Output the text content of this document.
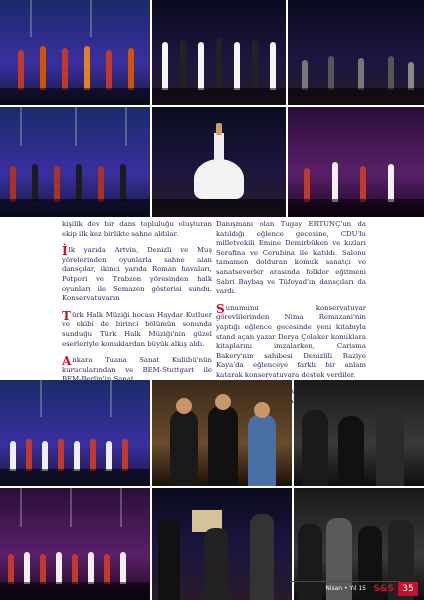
kişilik dev bir dans topluluğu oluşturan ekip ilk kez birlikte sahne aldılar.

İlk yarıda Artvin, Denizli ve Muş yörelerinden oyunlarla sahne alan dansçılar, ikinci yarıda Roman havaları, Potpori ve Trabzon yöresinden halk oyunları ile Semazen gösterisi sundu. Konservatuvarın

Türk Halk Müziği hocası Haydar Kutluer ve ekibi de birinci bölümün sonunda sunduğu Türk Halk Müziği'nin güzel eserleriyle konuklardan büyük alkış aldı.

Ankara Tuana Sanat Kulübü'nün kurucularından ve BEM-Stuttgart ile

Danışmanı olan Tugay ERTUNÇ'un da katıldığı eğlence gecesine, CDU'lu milletvekili Emine Demirbüken ve kızları Serafina ve Cerubina ile katıldı. Salonu tamamen dolduran komuk sanatçı ve sanatseverler arasında folklor eğitmeni Sabri Baybaş ve Tüfoyad'ın dansçıları da vardı.

Sunumunu konservatuvar görevlilerinden Nima Remazani'nin yaptığı eğlence gecesinde yeni kitabıyla stand açan yazar Derya Çolaker konuklara kitaplarını imzalarken, Carisma Bakery'nin sahibesi Denizlili Raziye Kaya'da eğlenceye farklı bir anlam katarak konservatuvara destek verdiler.

Nisan • Yıl 15 S&S 35
